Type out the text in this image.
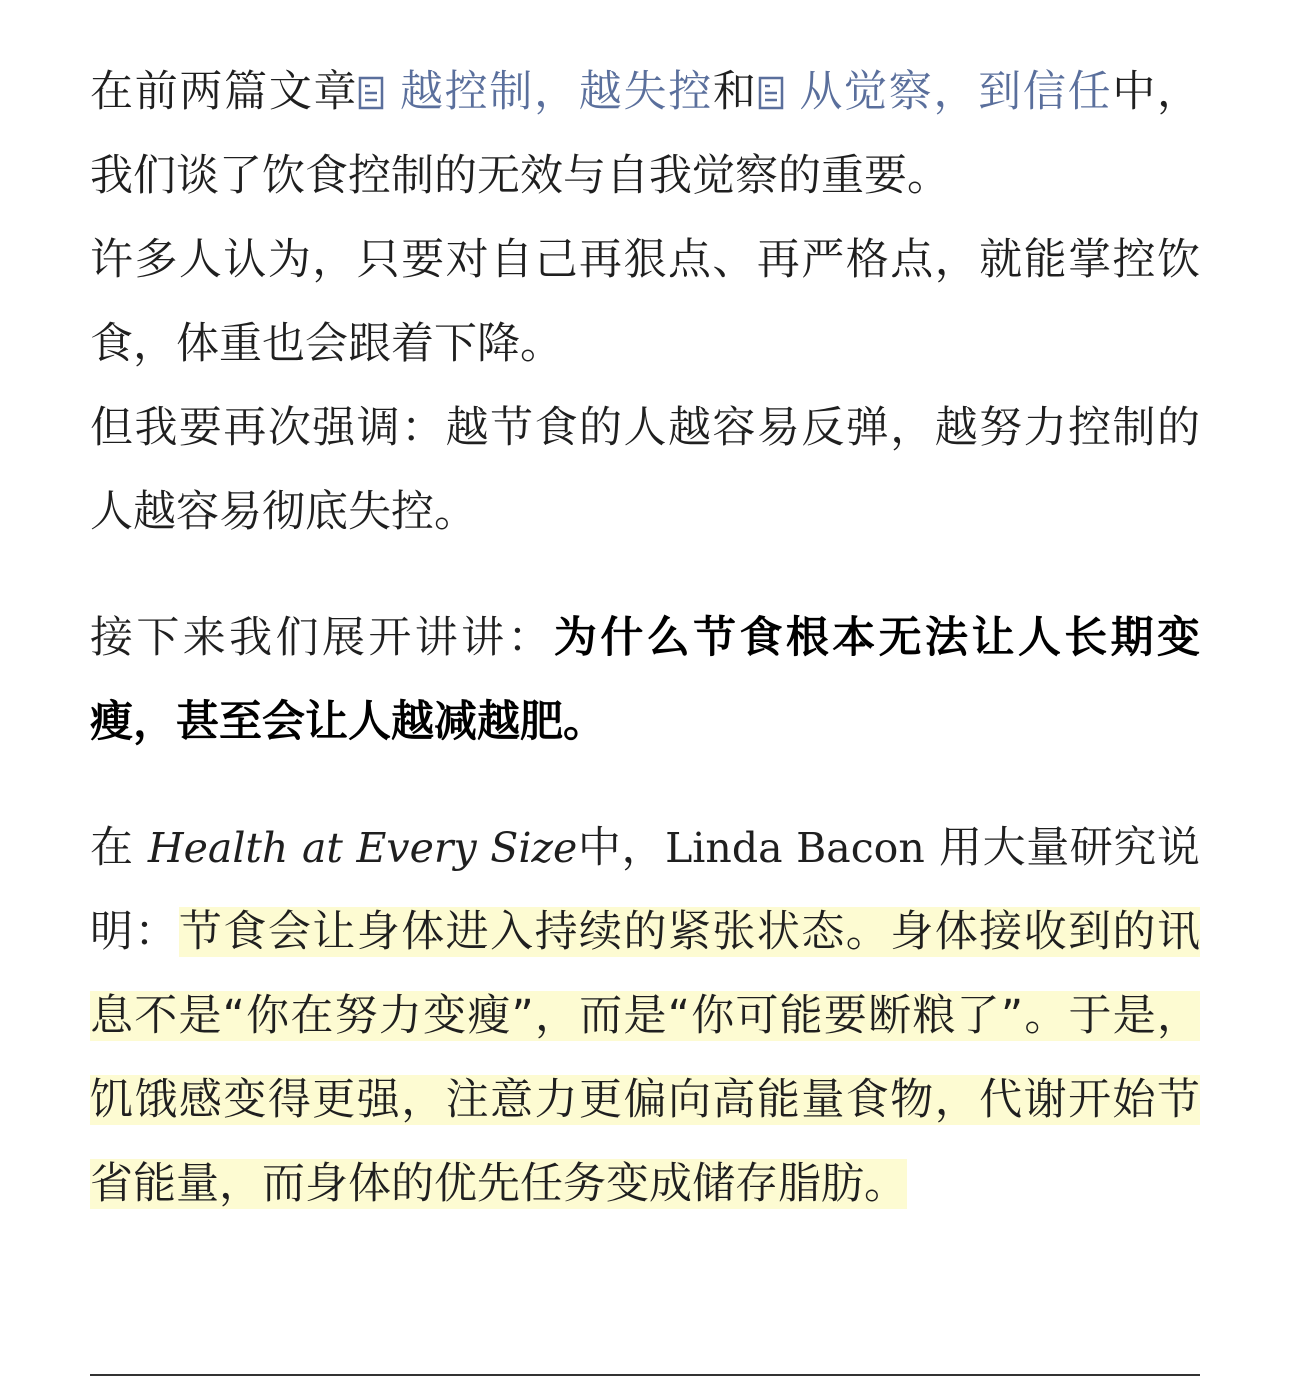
在前两篇文章 越控制，越失控和 从觉察，到信任中，我们谈了饮食控制的无效与自我觉察的重要。

许多人认为，只要对自己再狠点、再严格点，就能掌控饮食，体重也会跟着下降。

但我要再次强调：越节食的人越容易反弹，越努力控制的人越容易彻底失控。

接下来我们展开讲讲：为什么节食根本无法让人长期变瘦，甚至会让人越减越肥。

在 Health at Every Size中，Linda Bacon 用大量研究说明：节食会让身体进入持续的紧张状态。身体接收到的讯息不是“你在努力变瘦”，而是“你可能要断粮了”。于是，饥饿感变得更强，注意力更偏向高能量食物，代谢开始节省能量，而身体的优先任务变成储存脂肪。
